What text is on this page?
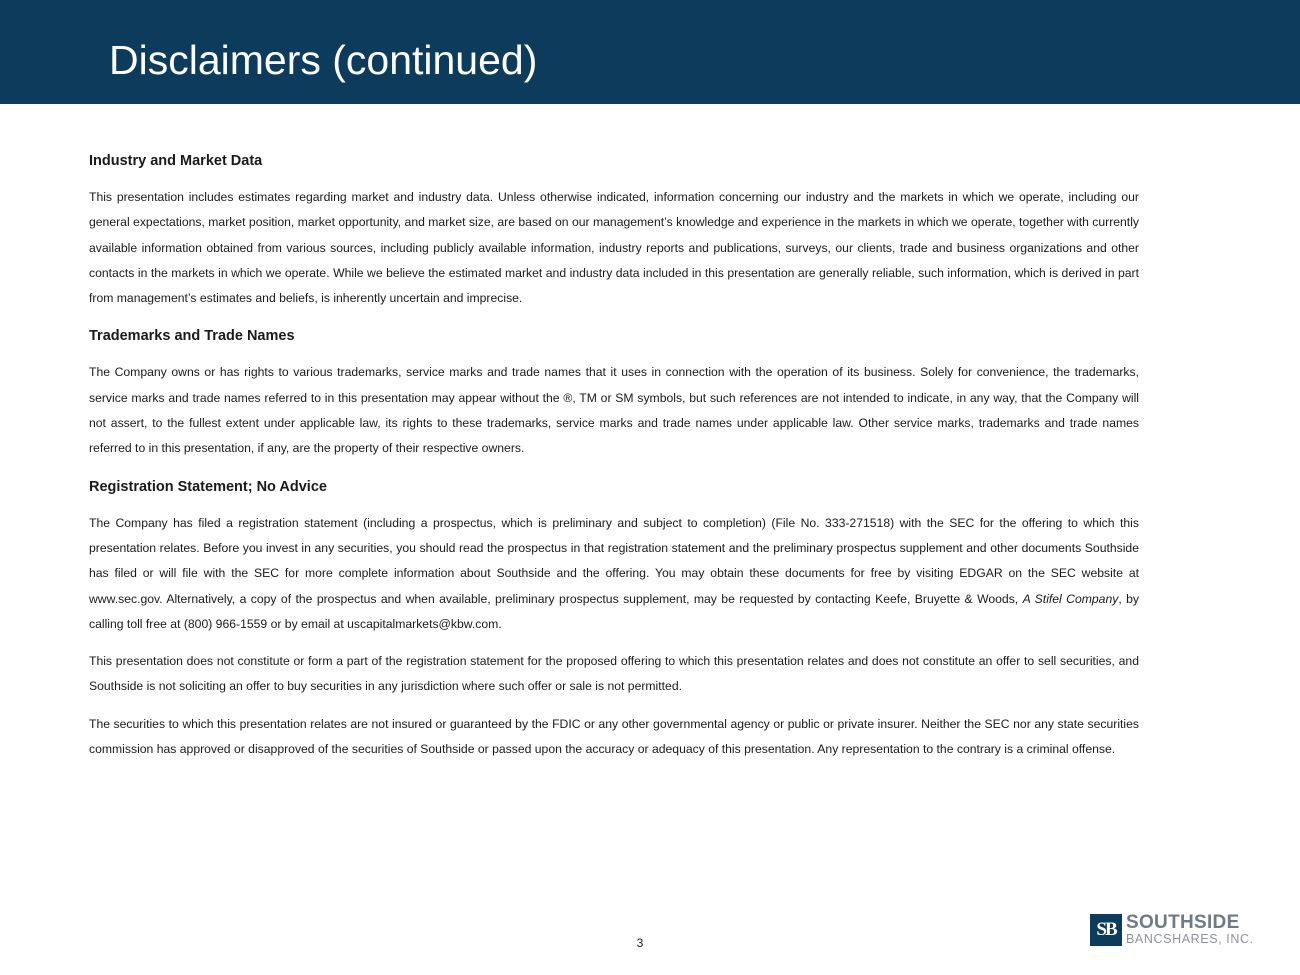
Disclaimers (continued)
Industry and Market Data

This presentation includes estimates regarding market and industry data. Unless otherwise indicated, information concerning our industry and the markets in which we operate, including our general expectations, market position, market opportunity, and market size, are based on our management’s knowledge and experience in the markets in which we operate, together with currently available information obtained from various sources, including publicly available information, industry reports and publications, surveys, our clients, trade and business organizations and other contacts in the markets in which we operate. While we believe the estimated market and industry data included in this presentation are generally reliable, such information, which is derived in part from management’s estimates and beliefs, is inherently uncertain and imprecise.

Trademarks and Trade Names

The Company owns or has rights to various trademarks, service marks and trade names that it uses in connection with the operation of its business. Solely for convenience, the trademarks, service marks and trade names referred to in this presentation may appear without the ®, TM or SM symbols, but such references are not intended to indicate, in any way, that the Company will not assert, to the fullest extent under applicable law, its rights to these trademarks, service marks and trade names under applicable law. Other service marks, trademarks and trade names referred to in this presentation, if any, are the property of their respective owners.

Registration Statement; No Advice

The Company has filed a registration statement (including a prospectus, which is preliminary and subject to completion) (File No. 333-271518) with the SEC for the offering to which this presentation relates. Before you invest in any securities, you should read the prospectus in that registration statement and the preliminary prospectus supplement and other documents Southside has filed or will file with the SEC for more complete information about Southside and the offering. You may obtain these documents for free by visiting EDGAR on the SEC website at www.sec.gov. Alternatively, a copy of the prospectus and when available, preliminary prospectus supplement, may be requested by contacting Keefe, Bruyette & Woods, A Stifel Company, by calling toll free at (800) 966-1559 or by email at uscapitalmarkets@kbw.com.

This presentation does not constitute or form a part of the registration statement for the proposed offering to which this presentation relates and does not constitute an offer to sell securities, and Southside is not soliciting an offer to buy securities in any jurisdiction where such offer or sale is not permitted.

The securities to which this presentation relates are not insured or guaranteed by the FDIC or any other governmental agency or public or private insurer. Neither the SEC nor any state securities commission has approved or disapproved of the securities of Southside or passed upon the accuracy or adequacy of this presentation. Any representation to the contrary is a criminal offense.

3
SB SOUTHSIDE
BANCSHARES, INC.
